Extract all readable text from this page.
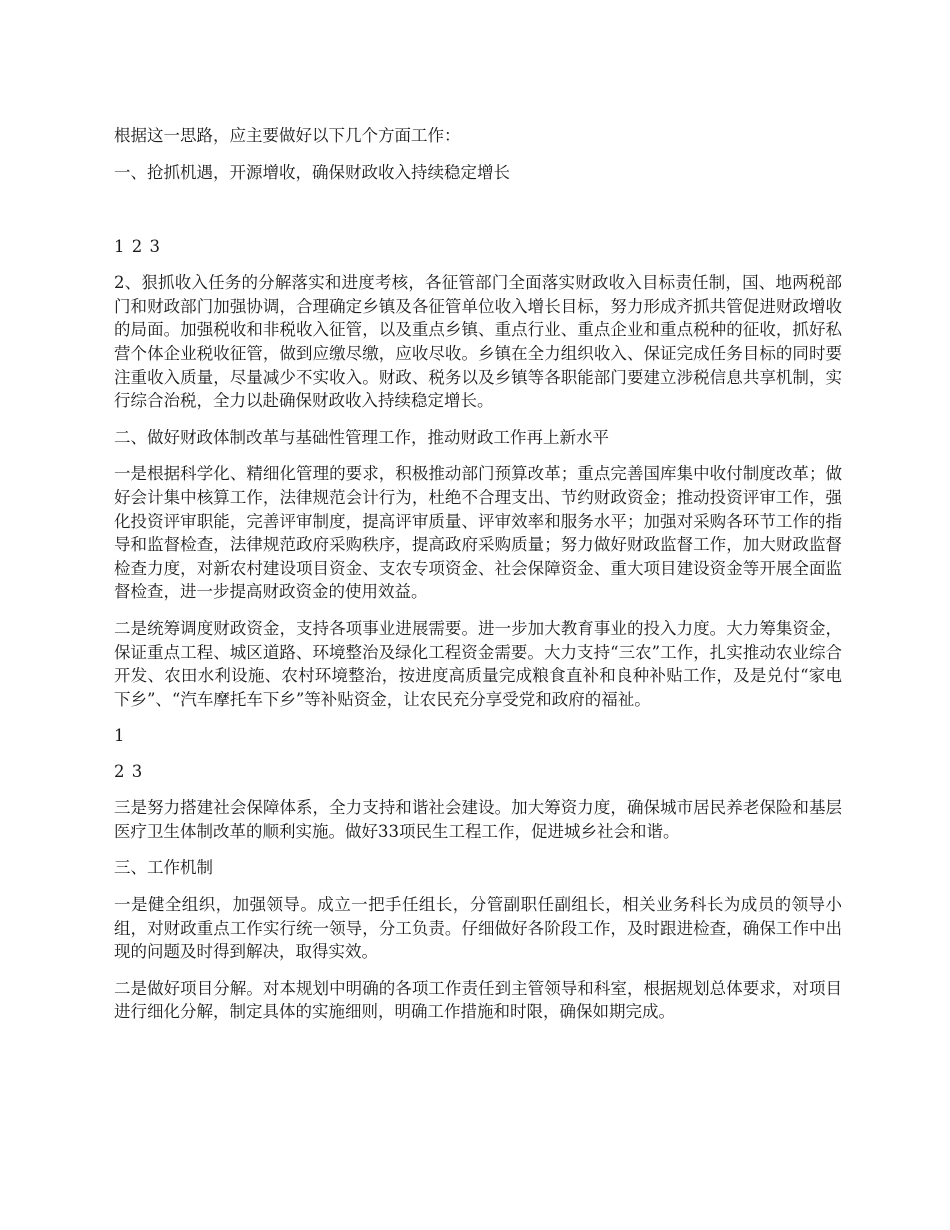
根据这一思路，应主要做好以下几个方面工作：

一、抢抓机遇，开源增收，确保财政收入持续稳定增长

1 2 3

2、狠抓收入任务的分解落实和进度考核，各征管部门全面落实财政收入目标责任制，国、地两税部门和财政部门加强协调，合理确定乡镇及各征管单位收入增长目标，努力形成齐抓共管促进财政增收的局面。加强税收和非税收入征管，以及重点乡镇、重点行业、重点企业和重点税种的征收，抓好私营个体企业税收征管，做到应缴尽缴，应收尽收。乡镇在全力组织收入、保证完成任务目标的同时要注重收入质量，尽量减少不实收入。财政、税务以及乡镇等各职能部门要建立涉税信息共享机制，实行综合治税，全力以赴确保财政收入持续稳定增长。

二、做好财政体制改革与基础性管理工作，推动财政工作再上新水平

一是根据科学化、精细化管理的要求，积极推动部门预算改革；重点完善国库集中收付制度改革；做好会计集中核算工作，法律规范会计行为，杜绝不合理支出、节约财政资金；推动投资评审工作，强化投资评审职能，完善评审制度，提高评审质量、评审效率和服务水平；加强对采购各环节工作的指导和监督检查，法律规范政府采购秩序，提高政府采购质量；努力做好财政监督工作，加大财政监督检查力度，对新农村建设项目资金、支农专项资金、社会保障资金、重大项目建设资金等开展全面监督检查，进一步提高财政资金的使用效益。

二是统筹调度财政资金，支持各项事业进展需要。进一步加大教育事业的投入力度。大力筹集资金，保证重点工程、城区道路、环境整治及绿化工程资金需要。大力支持“三农”工作，扎实推动农业综合开发、农田水利设施、农村环境整治，按进度高质量完成粮食直补和良种补贴工作，及是兑付“家电下乡”、“汽车摩托车下乡”等补贴资金，让农民充分享受党和政府的福祉。

1

2 3

三是努力搭建社会保障体系，全力支持和谐社会建设。加大筹资力度，确保城市居民养老保险和基层医疗卫生体制改革的顺利实施。做好33项民生工程工作，促进城乡社会和谐。

三、工作机制

一是健全组织，加强领导。成立一把手任组长，分管副职任副组长，相关业务科长为成员的领导小组，对财政重点工作实行统一领导，分工负责。仔细做好各阶段工作，及时跟进检查，确保工作中出现的问题及时得到解决，取得实效。

二是做好项目分解。对本规划中明确的各项工作责任到主管领导和科室，根据规划总体要求，对项目进行细化分解，制定具体的实施细则，明确工作措施和时限，确保如期完成。
